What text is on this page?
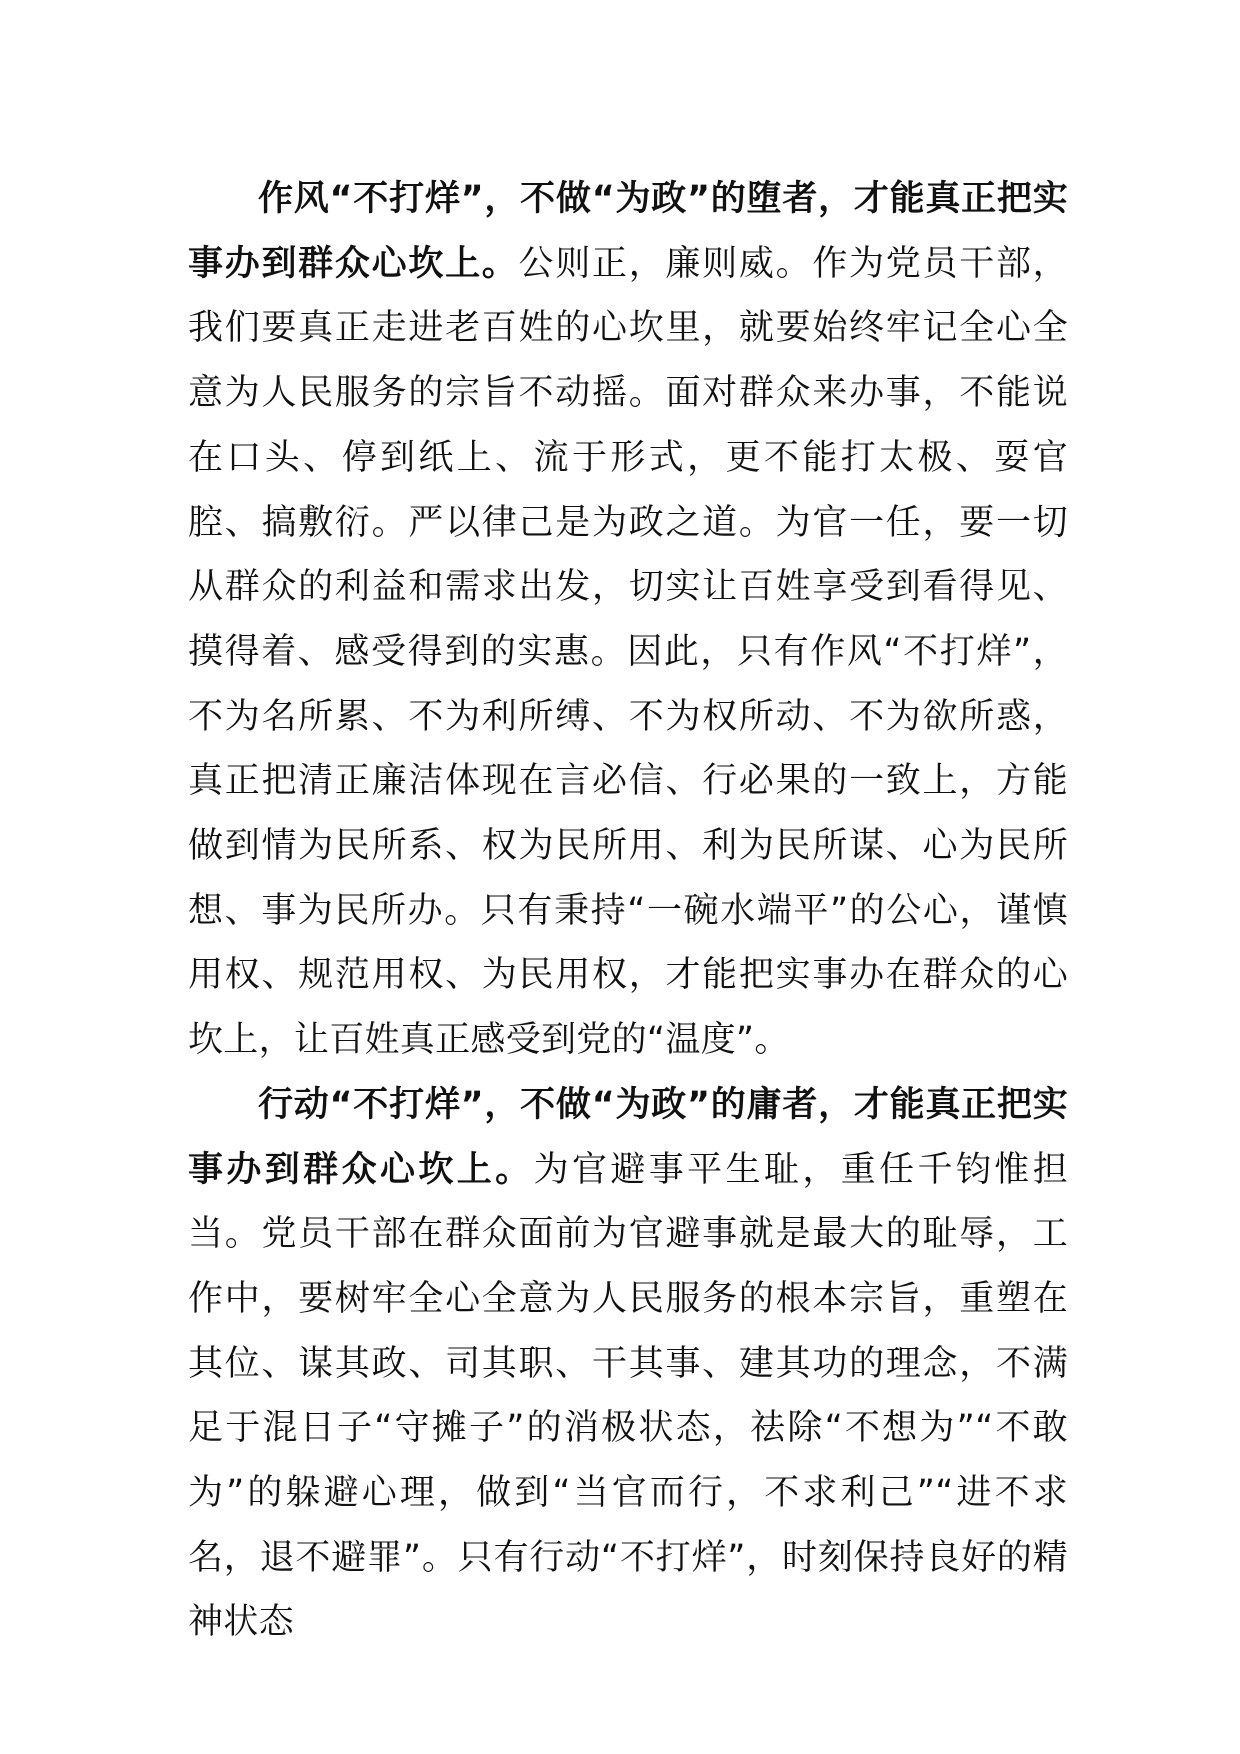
作风“不打烊”，不做“为政”的堕者，才能真正把实事办到群众心坎上。公则正，廉则威。作为党员干部，我们要真正走进老百姓的心坎里，就要始终牢记全心全意为人民服务的宗旨不动摇。面对群众来办事，不能说在口头、停到纸上、流于形式，更不能打太极、耍官腔、搞敷衍。严以律己是为政之道。为官一任，要一切从群众的利益和需求出发，切实让百姓享受到看得见、摸得着、感受得到的实惠。因此，只有作风“不打烊”，不为名所累、不为利所缚、不为权所动、不为欲所惑，真正把清正廉洁体现在言必信、行必果的一致上，方能做到情为民所系、权为民所用、利为民所谋、心为民所想、事为民所办。只有秉持“一碗水端平”的公心，谨慎用权、规范用权、为民用权，才能把实事办在群众的心坎上，让百姓真正感受到党的“温度”。

行动“不打烊”，不做“为政”的庸者，才能真正把实事办到群众心坎上。为官避事平生耻，重任千钧惟担当。党员干部在群众面前为官避事就是最大的耻辱，工作中，要树牢全心全意为人民服务的根本宗旨，重塑在其位、谋其政、司其职、干其事、建其功的理念，不满足于混日子“守摊子”的消极状态，祛除“不想为”“不敢为”的躲避心理，做到“当官而行，不求利己”“进不求名，退不避罪”。只有行动“不打烊”，时刻保持良好的精神状态
